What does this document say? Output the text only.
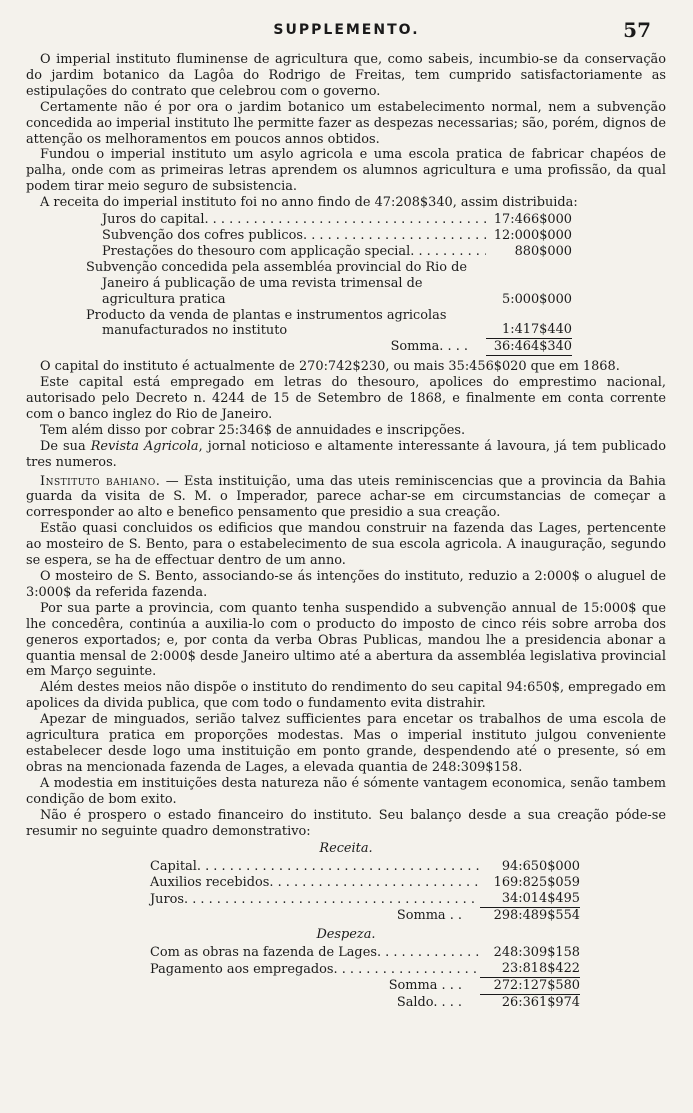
SUPPLEMENTO.	57

O imperial instituto fluminense de agricultura que, como sabeis, incumbio-se da conservação do jardim botanico da Lagôa do Rodrigo de Freitas, tem cumprido satisfactoriamente as estipulações do contrato que celebrou com o governo.

Certamente não é por ora o jardim botanico um estabelecimento normal, nem a subvenção concedida ao imperial instituto lhe permitte fazer as despezas necessarias; são, porém, dignos de attenção os melhoramentos em poucos annos obtidos.

Fundou o imperial instituto um asylo agricola e uma escola pratica de fabricar chapéos de palha, onde com as primeiras letras aprendem os alumnos agricultura e uma profissão, da qual podem tirar meio seguro de subsistencia.

A receita do imperial instituto foi no anno findo de 47:208$340, assim distribuida:

Juros do capital . . .	17:466$000
Subvenção dos cofres publicos . . .	12:000$000
Prestações do thesouro com applicação special . . .	880$000
Subvenção concedida pela assembléa provincial do Rio de Janeiro á publicação de uma revista trimensal de agricultura pratica	5:000$000
Producto da venda de plantas e instrumentos agricolas manufacturados no instituto	1:417$440
Somma. . . .	36:464$340

O capital do instituto é actualmente de 270:742$230, ou mais 35:456$020 que em 1868.

Este capital está empregado em letras do thesouro, apolices do emprestimo nacional, autorisado pelo Decreto n. 4244 de 15 de Setembro de 1868, e finalmente em conta corrente com o banco inglez do Rio de Janeiro.

Tem além disso por cobrar 25:346$ de annuidades e inscripções.

De sua Revista Agricola, jornal noticioso e altamente interessante á lavoura, já tem publicado tres numeros.

Instituto bahiano. — Esta instituição, uma das uteis reminiscencias que a provincia da Bahia guarda da visita de S. M. o Imperador, parece achar-se em circumstancias de começar a corresponder ao alto e benefico pensamento que presidio a sua creação.

Estão quasi concluidos os edificios que mandou construir na fazenda das Lages, pertencente ao mosteiro de S. Bento, para o estabelecimento de sua escola agricola. A inauguração, segundo se espera, se ha de effectuar dentro de um anno.

O mosteiro de S. Bento, associando-se ás intenções do instituto, reduzio a 2:000$ o aluguel de 3:000$ da referida fazenda.

Por sua parte a provincia, com quanto tenha suspendido a subvenção annual de 15:000$ que lhe concedêra, continúa a auxilia-lo com o producto do imposto de cinco réis sobre arroba dos generos exportados; e, por conta da verba Obras Publicas, mandou lhe a presidencia abonar a quantia mensal de 2:000$ desde Janeiro ultimo até a abertura da assembléa legislativa provincial em Março seguinte.

Além destes meios não dispõe o instituto do rendimento do seu capital 94:650$, empregado em apolices da divida publica, que com todo o fundamento evita distrahir.

Apezar de minguados, serião talvez sufficientes para encetar os trabalhos de uma escola de agricultura pratica em proporções modestas. Mas o imperial instituto julgou conveniente estabelecer desde logo uma instituição em ponto grande, despendendo até o presente, só em obras na mencionada fazenda de Lages, a elevada quantia de 248:309$158.

A modestia em instituições desta natureza não é sómente vantagem economica, senão tambem condição de bom exito.

Não é prospero o estado financeiro do instituto. Seu balanço desde a sua creação póde-se resumir no seguinte quadro demonstrativo:

Receita.
Capital . . .	94:650$000
Auxilios recebidos . . .	169:825$059
Juros . . .	34:014$495
Somma . .	298:489$554
Despeza.
Com as obras na fazenda de Lages . . .	248:309$158
Pagamento aos empregados . . .	23:818$422
Somma . . .	272:127$580
Saldo. . . .	26:361$974
